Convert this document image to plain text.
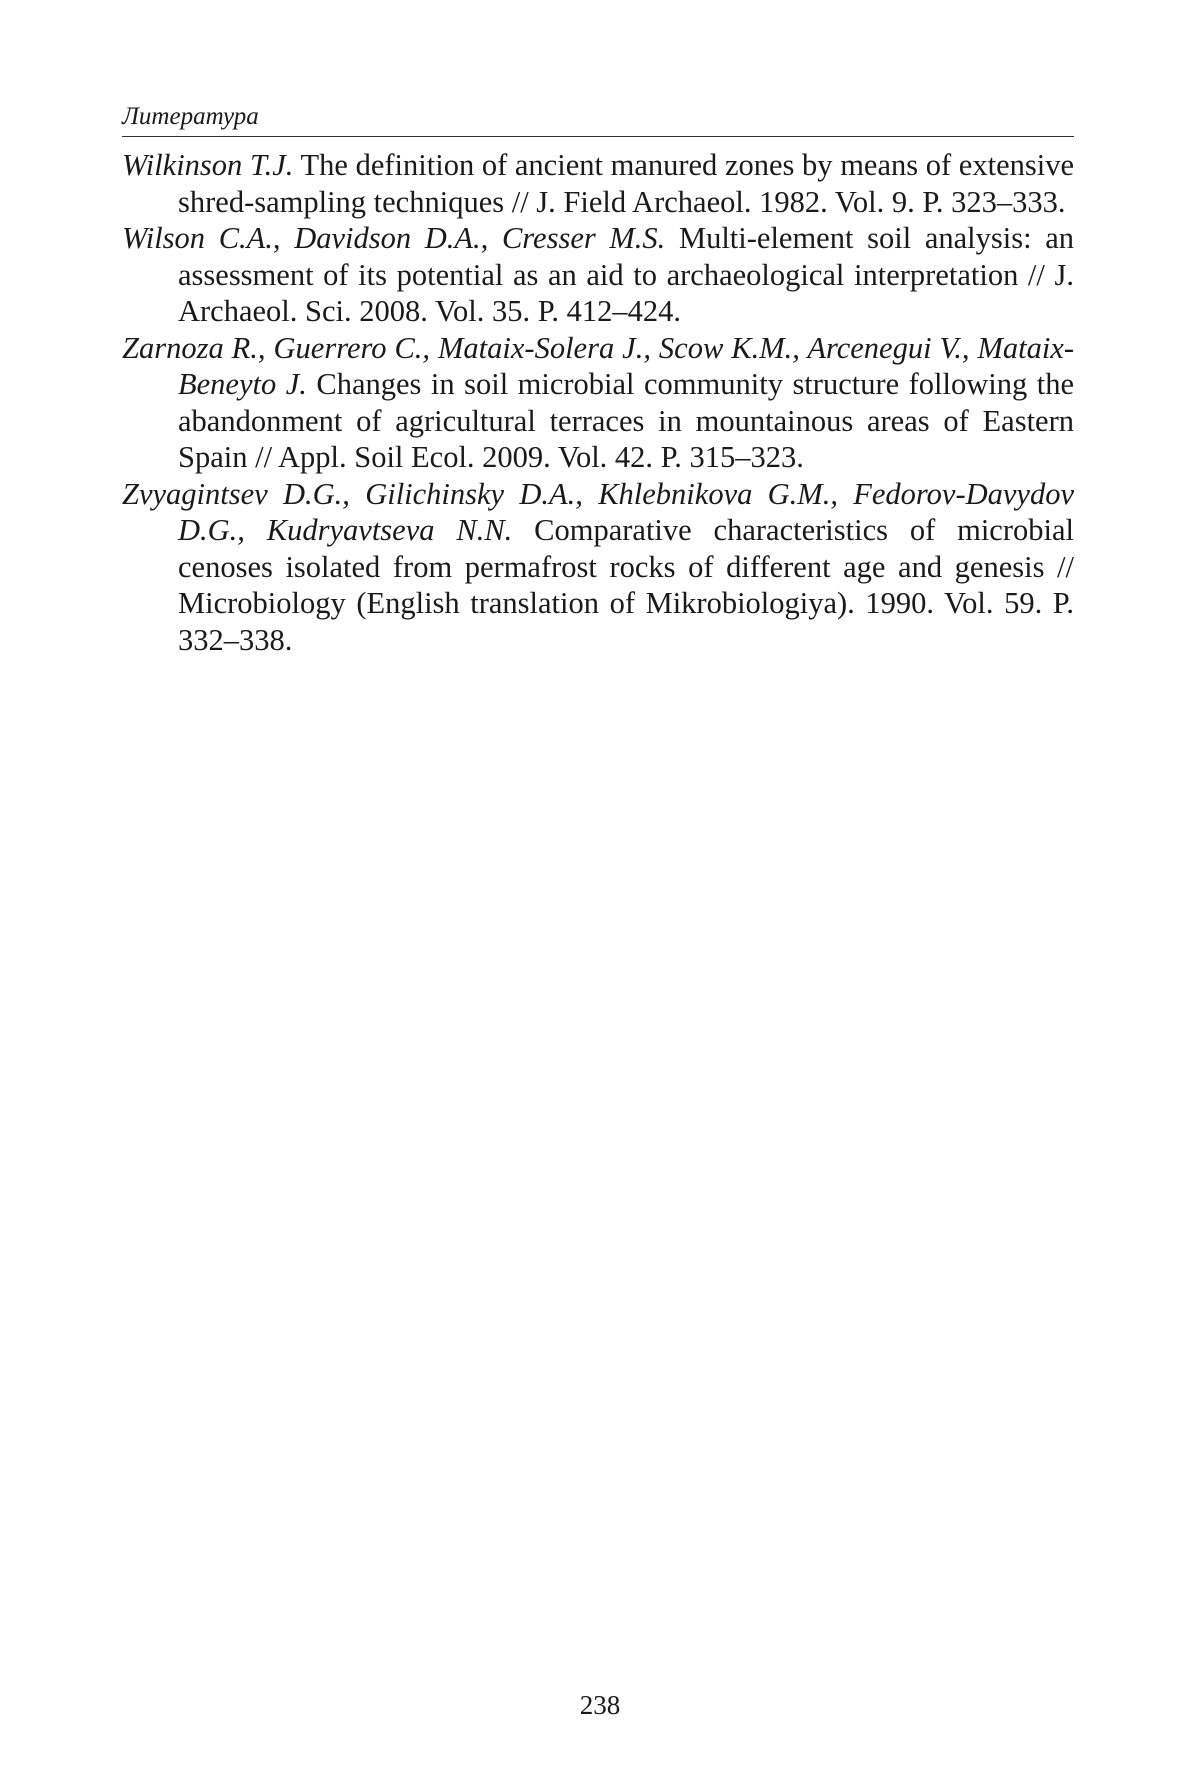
Литература
Wilkinson T.J. The definition of ancient manured zones by means of extensive shred-sampling techniques // J. Field Archaeol. 1982. Vol. 9. P. 323–333.
Wilson C.A., Davidson D.A., Cresser M.S. Multi-element soil analysis: an assessment of its potential as an aid to archaeological interpretation // J. Archaeol. Sci. 2008. Vol. 35. P. 412–424.
Zarnoza R., Guerrero C., Mataix-Solera J., Scow K.M., Arcenegui V., Mataix-Beneyto J. Changes in soil microbial community structure following the abandonment of agricultural terraces in mountainous areas of Eastern Spain // Appl. Soil Ecol. 2009. Vol. 42. P. 315–323.
Zvyagintsev D.G., Gilichinsky D.A., Khlebnikova G.M., Fedorov-Davydov D.G., Kudryavtseva N.N. Comparative characteristics of microbial cenoses isolated from permafrost rocks of different age and genesis // Microbiology (English translation of Mikrobiologiya). 1990. Vol. 59. P. 332–338.
238
